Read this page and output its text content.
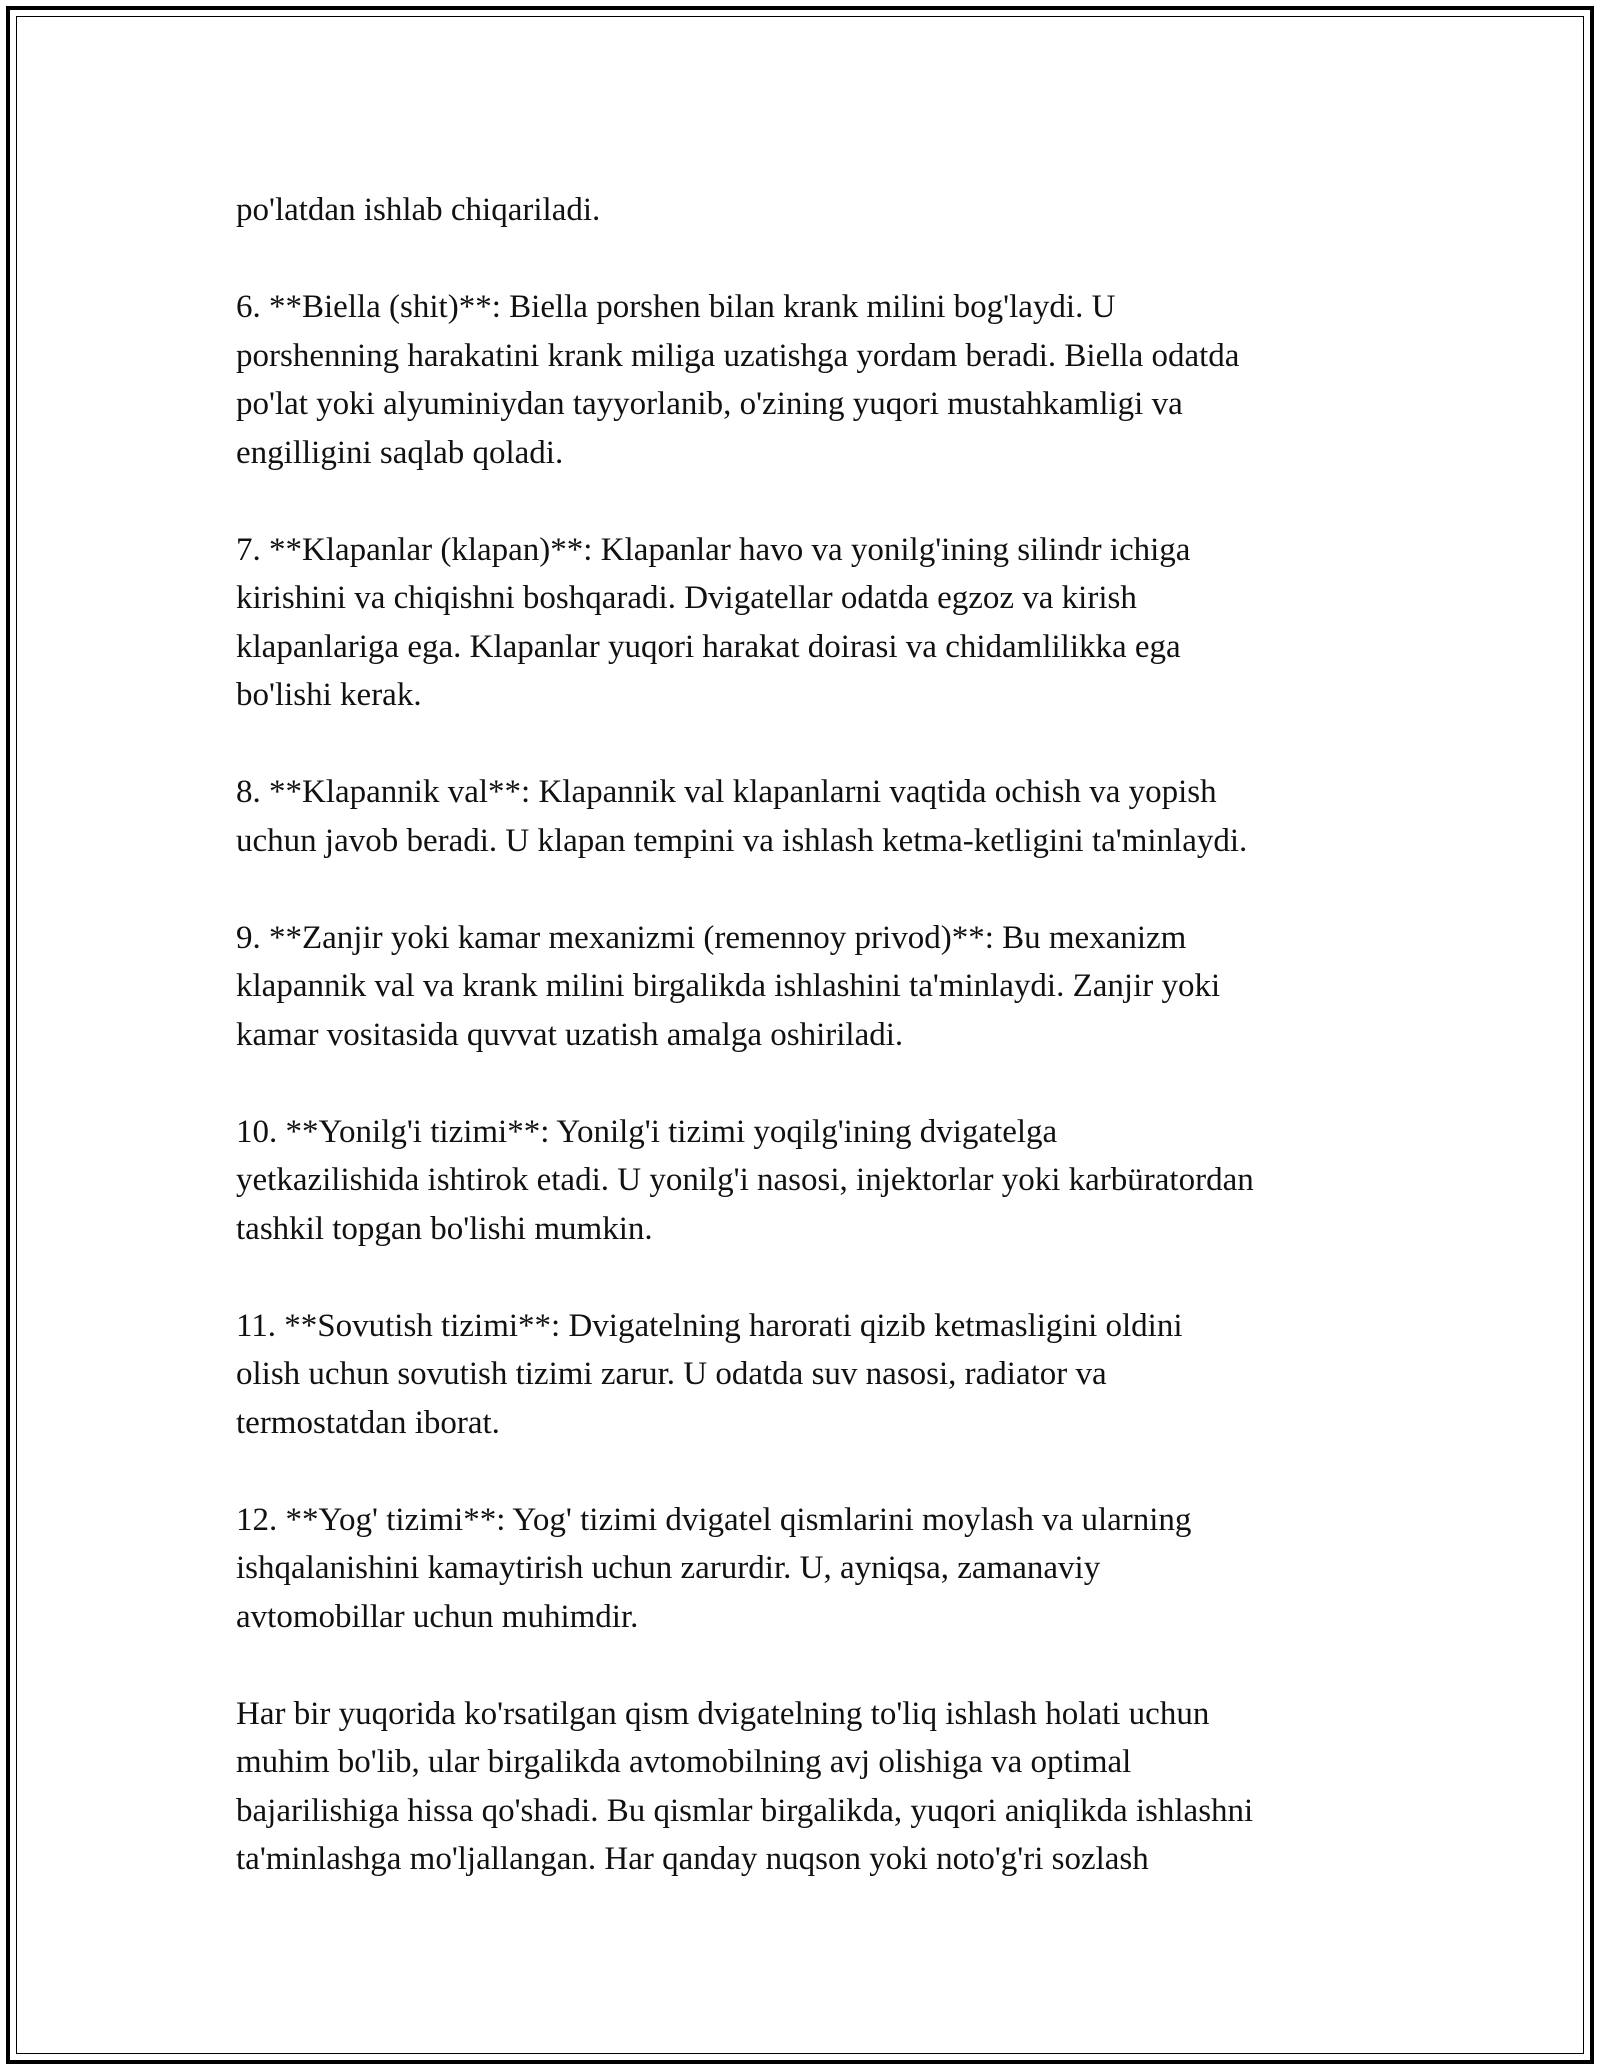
po'latdan ishlab chiqariladi.

6. **Biella (shit)**: Biella porshen bilan krank milini bog'laydi. U
porshenning harakatini krank miliga uzatishga yordam beradi. Biella odatda
po'lat yoki alyuminiydan tayyorlanib, o'zining yuqori mustahkamligi va
engilligini saqlab qoladi.

7. **Klapanlar (klapan)**: Klapanlar havo va yonilg'ining silindr ichiga
kirishini va chiqishni boshqaradi. Dvigatellar odatda egzoz va kirish
klapanlariga ega. Klapanlar yuqori harakat doirasi va chidamlilikka ega
bo'lishi kerak.

8. **Klapannik val**: Klapannik val klapanlarni vaqtida ochish va yopish
uchun javob beradi. U klapan tempini va ishlash ketma-ketligini ta'minlaydi.

9. **Zanjir yoki kamar mexanizmi (remennoy privod)**: Bu mexanizm
klapannik val va krank milini birgalikda ishlashini ta'minlaydi. Zanjir yoki
kamar vositasida quvvat uzatish amalga oshiriladi.

10. **Yonilg'i tizimi**: Yonilg'i tizimi yoqilg'ining dvigatelga
yetkazilishida ishtirok etadi. U yonilg'i nasosi, injektorlar yoki karbüratordan
tashkil topgan bo'lishi mumkin.

11. **Sovutish tizimi**: Dvigatelning harorati qizib ketmasligini oldini
olish uchun sovutish tizimi zarur. U odatda suv nasosi, radiator va
termostatdan iborat.

12. **Yog' tizimi**: Yog' tizimi dvigatel qismlarini moylash va ularning
ishqalanishini kamaytirish uchun zarurdir. U, ayniqsa, zamanaviy
avtomobillar uchun muhimdir.

Har bir yuqorida ko'rsatilgan qism dvigatelning to'liq ishlash holati uchun
muhim bo'lib, ular birgalikda avtomobilning avj olishiga va optimal
bajarilishiga hissa qo'shadi. Bu qismlar birgalikda, yuqori aniqlikda ishlashni
ta'minlashga mo'ljallangan. Har qanday nuqson yoki noto'g'ri sozlash
